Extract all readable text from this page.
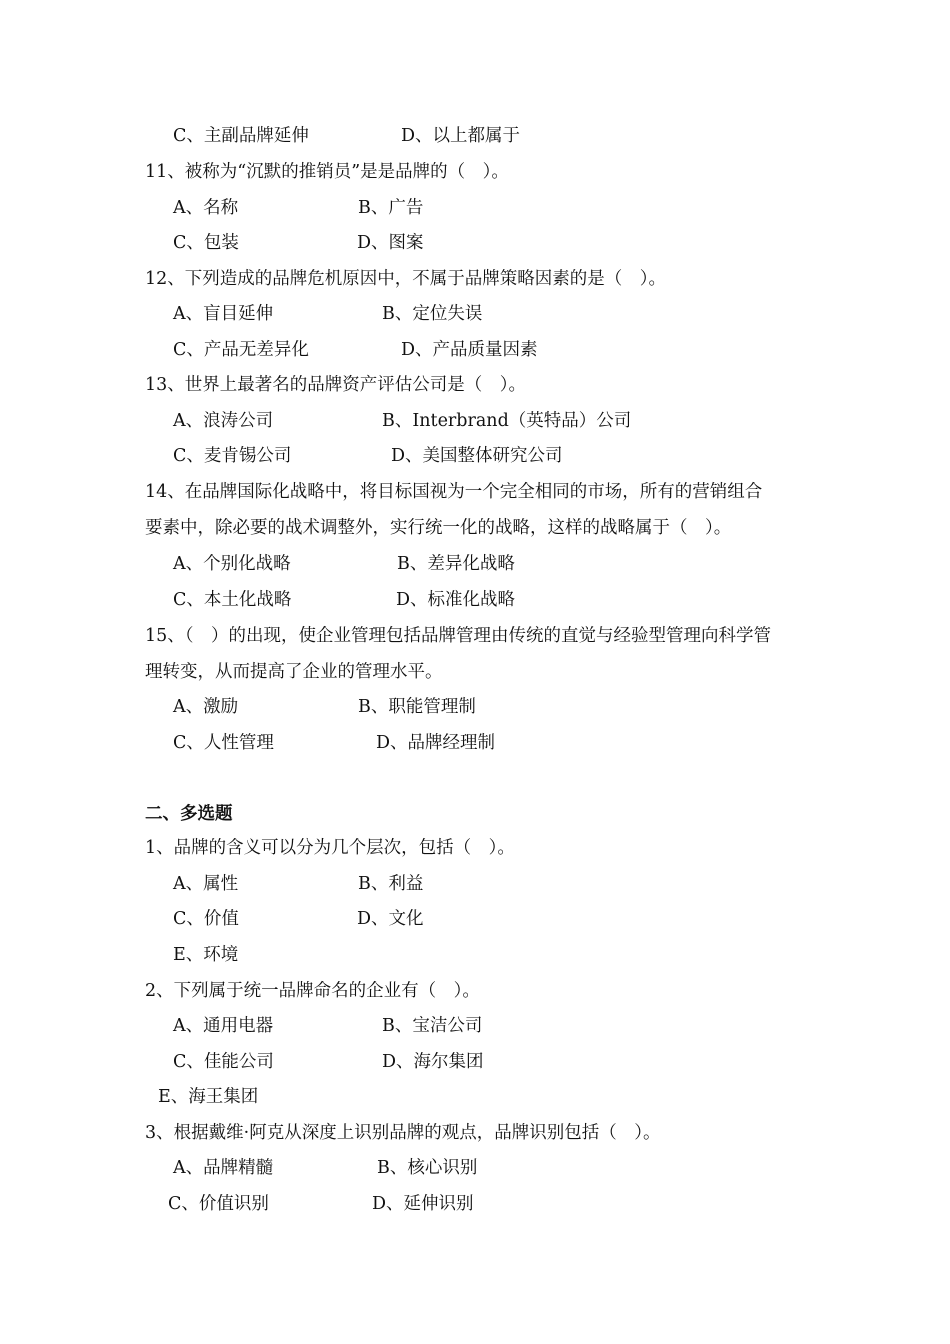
C、主副品牌延伸	D、以上都属于
11、被称为“沉默的推销员”是是品牌的（　）。
A、名称	B、广告
C、包装	D、图案
12、下列造成的品牌危机原因中，不属于品牌策略因素的是（　）。
A、盲目延伸	B、定位失误
C、产品无差异化	D、产品质量因素
13、世界上最著名的品牌资产评估公司是（　）。
A、浪涛公司	B、Interbrand（英特品）公司
C、麦肯锡公司	D、美国整体研究公司
14、在品牌国际化战略中，将目标国视为一个完全相同的市场，所有的营销组合
要素中，除必要的战术调整外，实行统一化的战略，这样的战略属于（　）。
A、个别化战略	B、差异化战略
C、本土化战略	D、标准化战略
15、（　）的出现，使企业管理包括品牌管理由传统的直觉与经验型管理向科学管
理转变，从而提高了企业的管理水平。
A、激励	B、职能管理制
C、人性管理	D、品牌经理制
二、多选题
1、品牌的含义可以分为几个层次，包括（　）。
A、属性	B、利益
C、价值	D、文化
E、环境
2、下列属于统一品牌命名的企业有（　）。
A、通用电器	B、宝洁公司
C、佳能公司	D、海尔集团
E、海王集团
3、根据戴维·阿克从深度上识别品牌的观点，品牌识别包括（　）。
A、品牌精髓	B、核心识别
C、价值识别	D、延伸识别
